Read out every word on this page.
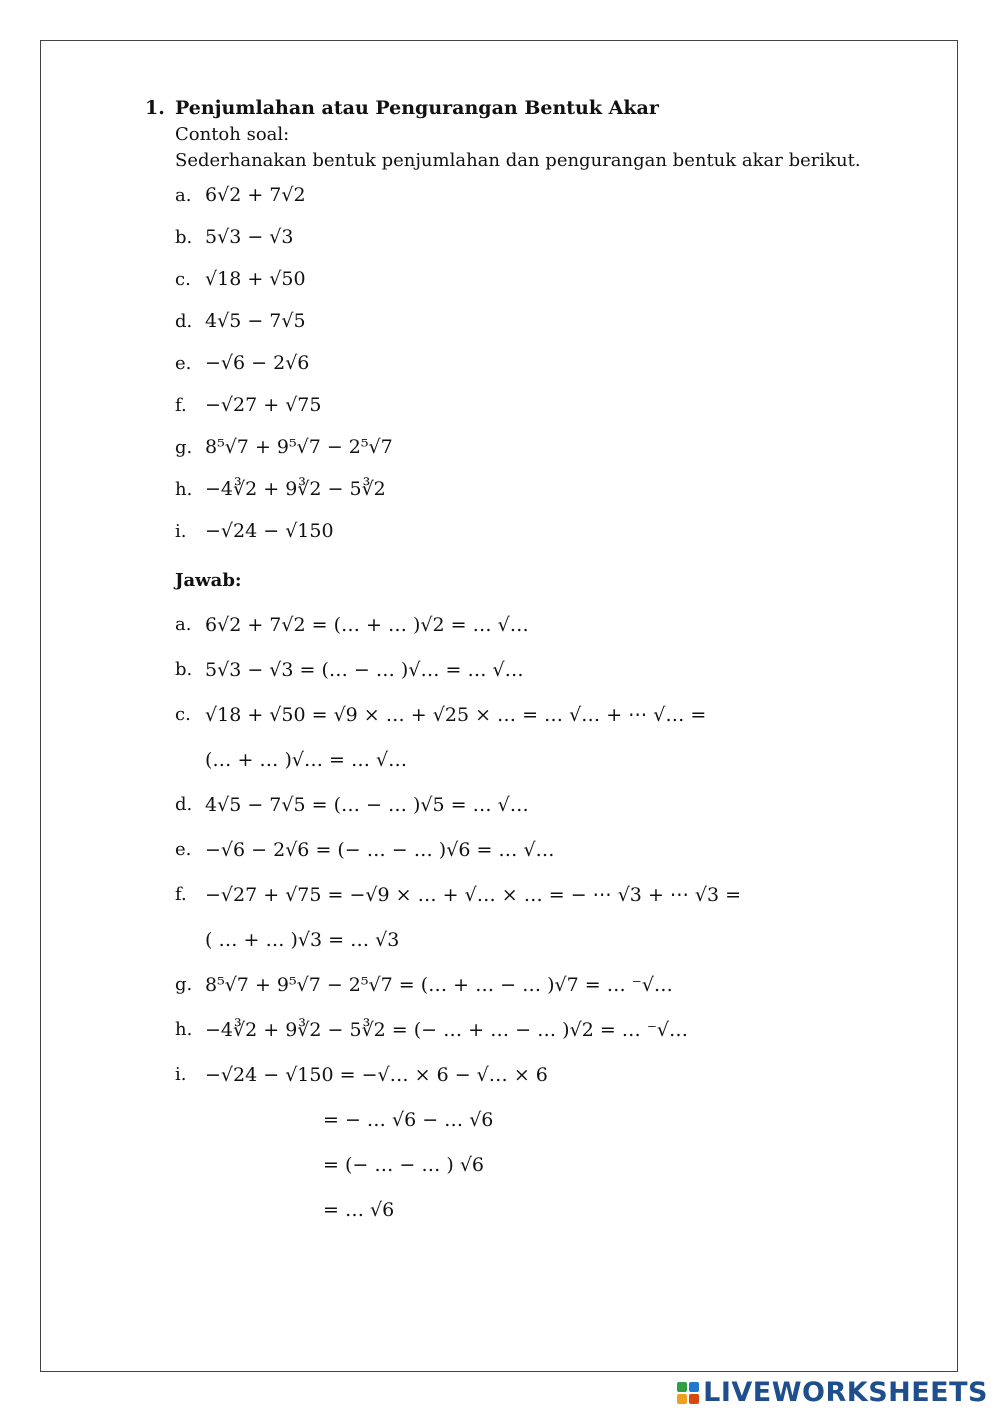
1. Penjumlahan atau Pengurangan Bentuk Akar
Contoh soal:
Sederhanakan bentuk penjumlahan dan pengurangan bentuk akar berikut.
a. 6√2 + 7√2
b. 5√3 − √3
c. √18 + √50
d. 4√5 − 7√5
e. −√6 − 2√6
f. −√27 + √75
g. 8⁵√7 + 9⁵√7 − 2⁵√7
h. −4∛2 + 9∛2 − 5∛2
i. −√24 − √150
Jawab:
a. 6√2 + 7√2 = (… + … )√2 = … √…
b. 5√3 − √3 = (… − … )√… = … √…
c. √18 + √50 = √9 × … + √25 × … = … √… + ⋯ √… =
(… + … )√… = … √…
d. 4√5 − 7√5 = (… − … )√5 = … √…
e. −√6 − 2√6 = (− … − … )√6 = … √…
f. −√27 + √75 = −√9 × … + √… × … = − ⋯ √3 + ⋯ √3 =
( … + … )√3 = … √3
g. 8⁵√7 + 9⁵√7 − 2⁵√7 = (… + … − … )√7 = … ⁻√…
h. −4∛2 + 9∛2 − 5∛2 = (− … + … − … )√2 = … ⁻√…
i. −√24 − √150 = −√… × 6 − √… × 6
= − … √6 − … √6
= (− … − … ) √6
= … √6
LIVEWORKSHEETS
